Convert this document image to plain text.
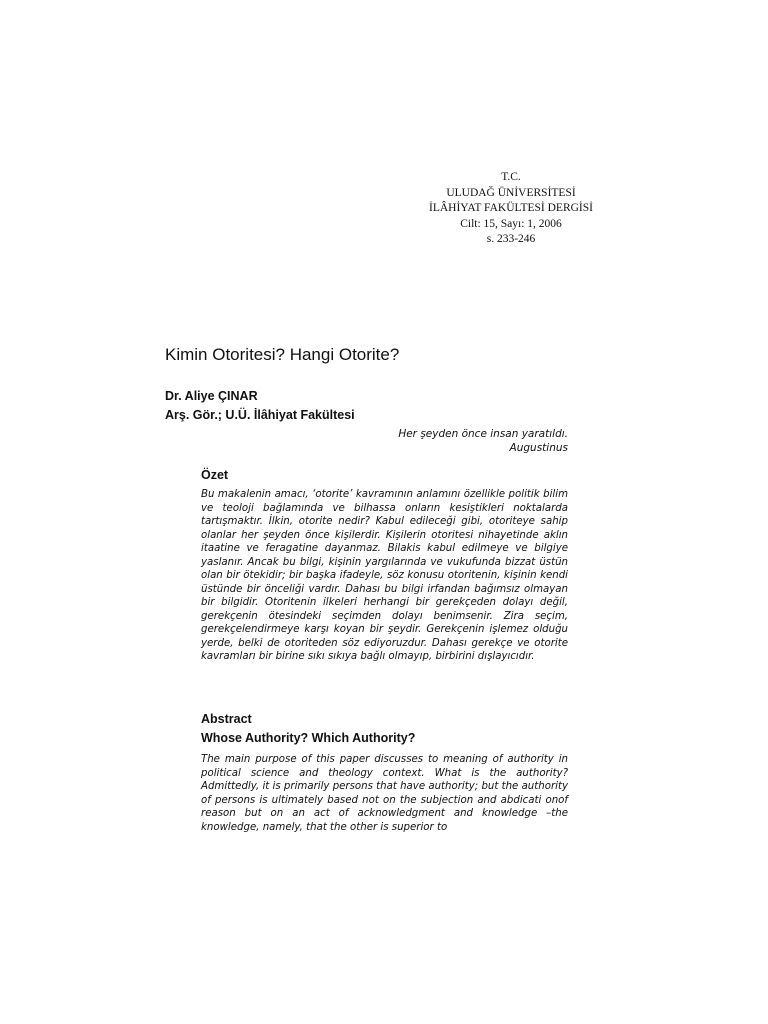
T.C.
ULUDAĞ ÜNİVERSİTESİ
İLÂHİYAT FAKÜLTESİ DERGİSİ
Cilt: 15, Sayı: 1, 2006
s. 233-246
Kimin Otoritesi? Hangi Otorite?
Dr. Aliye ÇINAR
Arş. Gör.; U.Ü. İlâhiyat Fakültesi
Her şeyden önce insan yaratıldı.
Augustinus
Özet

Bu makalenin amacı, ‘otorite’ kavramının anlamını özellikle politik bilim ve teoloji bağlamında ve bilhassa onların kesiştikleri noktalarda tartışmaktır. İlkin, otorite nedir? Kabul edileceği gibi, otoriteye sahip olanlar her şeyden önce kişilerdir. Kişilerin otoritesi nihayetinde aklın itaatine ve feragatine dayanmaz. Bilakis kabul edilmeye ve bilgiye yaslanır. Ancak bu bilgi, kişinin yargılarında ve vukufunda bizzat üstün olan bir ötekidir; bir başka ifadeyle, söz konusu otoritenin, kişinin kendi üstünde bir önceliği vardır. Dahası bu bilgi irfandan bağımsız olmayan bir bilgidir. Otoritenin ilkeleri herhangi bir gerekçeden dolayı değil, gerekçenin ötesindeki seçimden dolayı benimsenir. Zira seçim, gerekçelendirmeye karşı koyan bir şeydir. Gerekçenin işlemez olduğu yerde, belki de otoriteden söz ediyoruzdur. Dahası gerekçe ve otorite kavramları bir birine sıkı sıkıya bağlı olmayıp, birbirini dışlayıcıdır.

Abstract
Whose Authority? Which Authority?

The main purpose of this paper discusses to meaning of authority in political science and theology context. What is the authority? Admittedly, it is primarily persons that have authority; but the authority of persons is ultimately based not on the subjection and abdicati onof reason but on an act of acknowledgment and knowledge –the knowledge, namely, that the other is superior to
